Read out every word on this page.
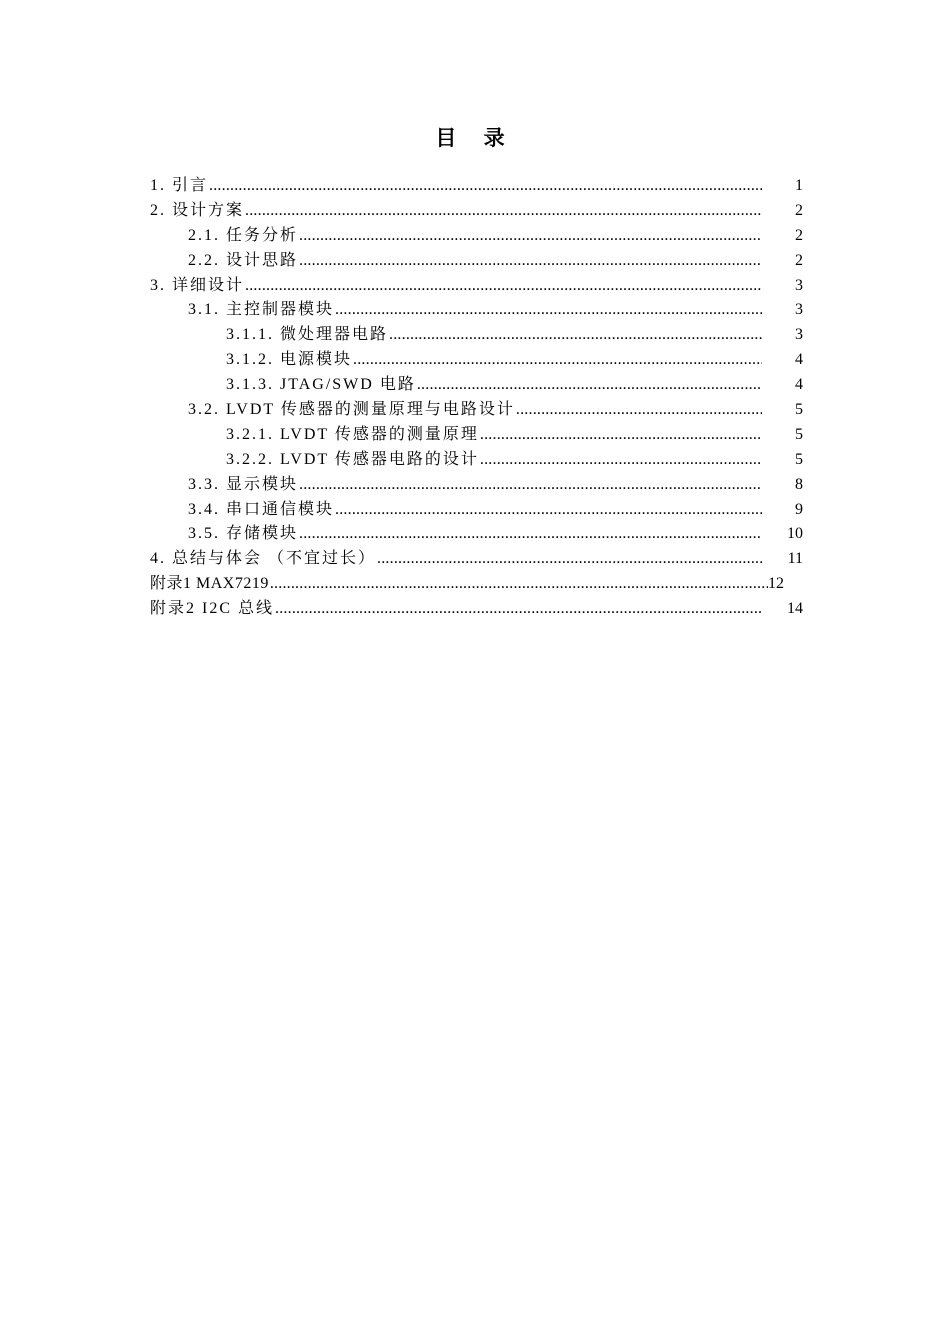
目 录
1. 引言 .....	1
2. 设计方案 .....	2
2.1. 任务分析 .....	2
2.2. 设计思路 .....	2
3. 详细设计 .....	3
3.1. 主控制器模块 .....	3
3.1.1. 微处理器电路 .....	3
3.1.2. 电源模块 .....	4
3.1.3. JTAG/SWD 电路 .....	4
3.2. LVDT 传感器的测量原理与电路设计 .....	5
3.2.1. LVDT 传感器的测量原理 .....	5
3.2.2. LVDT 传感器电路的设计 .....	5
3.3. 显示模块 .....	8
3.4. 串口通信模块 .....	9
3.5. 存储模块 .....	10
4. 总结与体会 （不宜过长） .....	11
附录1 MAX7219 .....	12
附录2 I2C 总线 .....	14
